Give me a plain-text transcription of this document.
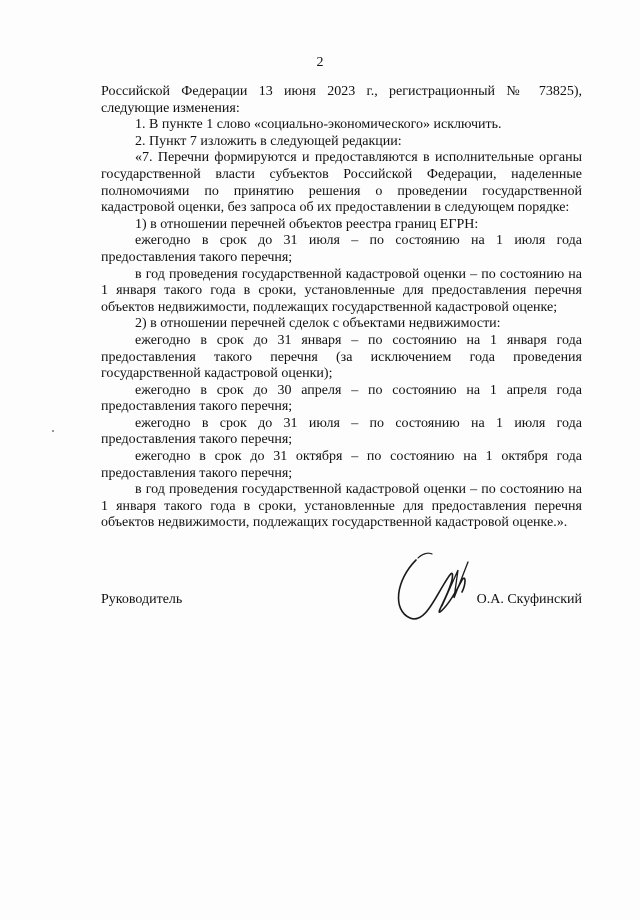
2

Российской Федерации 13 июня 2023 г., регистрационный № 73825), следующие изменения:

1. В пункте 1 слово «социально-экономического» исключить.

2. Пункт 7 изложить в следующей редакции:

«7. Перечни формируются и предоставляются в исполнительные органы государственной власти субъектов Российской Федерации, наделенные полномочиями по принятию решения о проведении государственной кадастровой оценки, без запроса об их предоставлении в следующем порядке:

1) в отношении перечней объектов реестра границ ЕГРН:

ежегодно в срок до 31 июля – по состоянию на 1 июля года предоставления такого перечня;

в год проведения государственной кадастровой оценки – по состоянию на 1 января такого года в сроки, установленные для предоставления перечня объектов недвижимости, подлежащих государственной кадастровой оценке;

2) в отношении перечней сделок с объектами недвижимости:

ежегодно в срок до 31 января – по состоянию на 1 января года предоставления такого перечня (за исключением года проведения государственной кадастровой оценки);

ежегодно в срок до 30 апреля – по состоянию на 1 апреля года предоставления такого перечня;

ежегодно в срок до 31 июля – по состоянию на 1 июля года предоставления такого перечня;

ежегодно в срок до 31 октября – по состоянию на 1 октября года предоставления такого перечня;

в год проведения государственной кадастровой оценки – по состоянию на 1 января такого года в сроки, установленные для предоставления перечня объектов недвижимости, подлежащих государственной кадастровой оценке.».

Руководитель	О.А. Скуфинский
